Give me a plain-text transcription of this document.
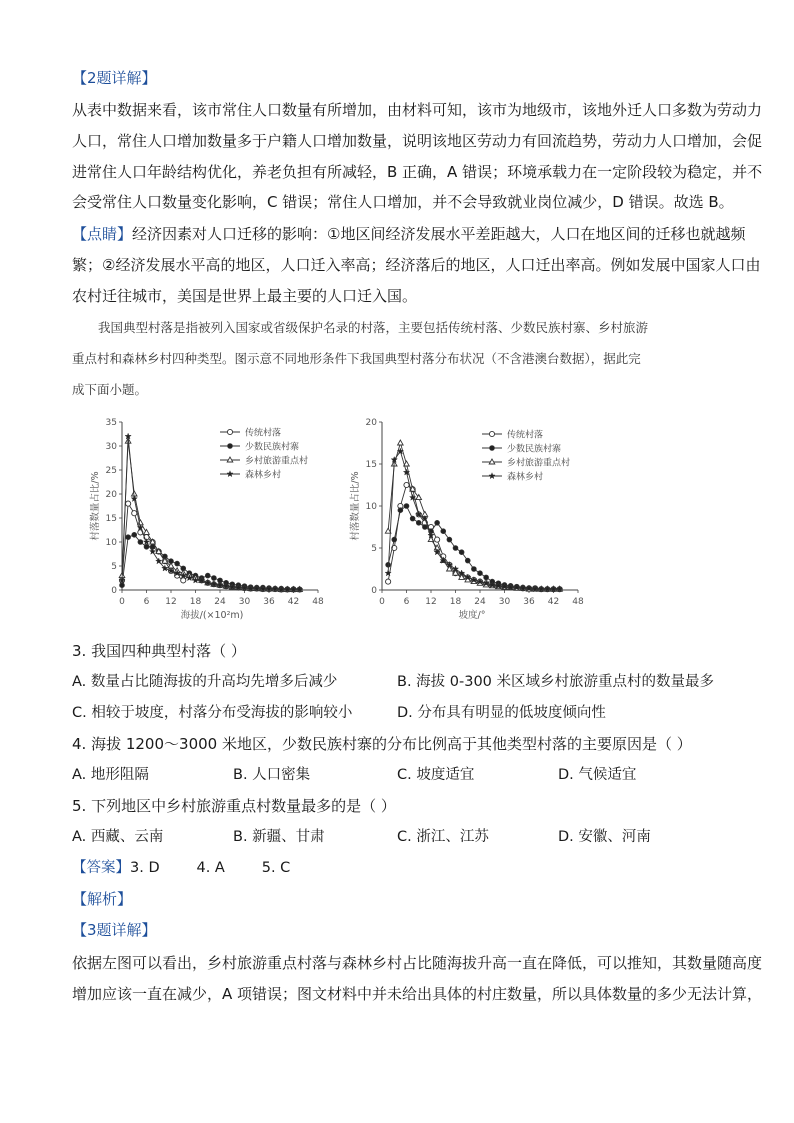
【2题详解】
从表中数据来看，该市常住人口数量有所增加，由材料可知，该市为地级市，该地外迁人口多数为劳动力
人口，常住人口增加数量多于户籍人口增加数量，说明该地区劳动力有回流趋势，劳动力人口增加，会促
进常住人口年龄结构优化，养老负担有所减轻，B 正确，A 错误；环境承载力在一定阶段较为稳定，并不
会受常住人口数量变化影响，C 错误；常住人口增加，并不会导致就业岗位减少，D 错误。故选 B。
【点睛】经济因素对人口迁移的影响：①地区间经济发展水平差距越大，人口在地区间的迁移也就越频
繁；②经济发展水平高的地区，人口迁入率高；经济落后的地区，人口迁出率高。例如发展中国家人口由
农村迁往城市，美国是世界上最主要的人口迁入国。
我国典型村落是指被列入国家或省级保护名录的村落，主要包括传统村落、少数民族村寨、乡村旅游
重点村和森林乡村四种类型。图示意不同地形条件下我国典型村落分布状况（不含港澳台数据），据此完
成下面小题。
0
5
10
15
20
25
30
35
0 6 12 18 24 30 36 42 48
海拔/(×10²m)
村落数量占比/%
传统村落
少数民族村寨
乡村旅游重点村
森林乡村
0
5
10
15
20
0 6 12 18 24 30 36 42 48
坡度/°
村落数量占比/%
传统村落
少数民族村寨
乡村旅游重点村
森林乡村
3. 我国四种典型村落（ ）
A. 数量占比随海拔的升高均先增多后减少	B. 海拔 0-300 米区域乡村旅游重点村的数量最多
C. 相较于坡度，村落分布受海拔的影响较小	D. 分布具有明显的低坡度倾向性
4. 海拔 1200～3000 米地区，少数民族村寨的分布比例高于其他类型村落的主要原因是（ ）
A. 地形阻隔	B. 人口密集	C. 坡度适宜	D. 气候适宜
5. 下列地区中乡村旅游重点村数量最多的是（ ）
A. 西藏、云南	B. 新疆、甘肃	C. 浙江、江苏	D. 安徽、河南
【答案】3. D        4. A        5. C
【解析】
【3题详解】
依据左图可以看出，乡村旅游重点村落与森林乡村占比随海拔升高一直在降低，可以推知，其数量随高度
增加应该一直在减少，A 项错误；图文材料中并未给出具体的村庄数量，所以具体数量的多少无法计算，
